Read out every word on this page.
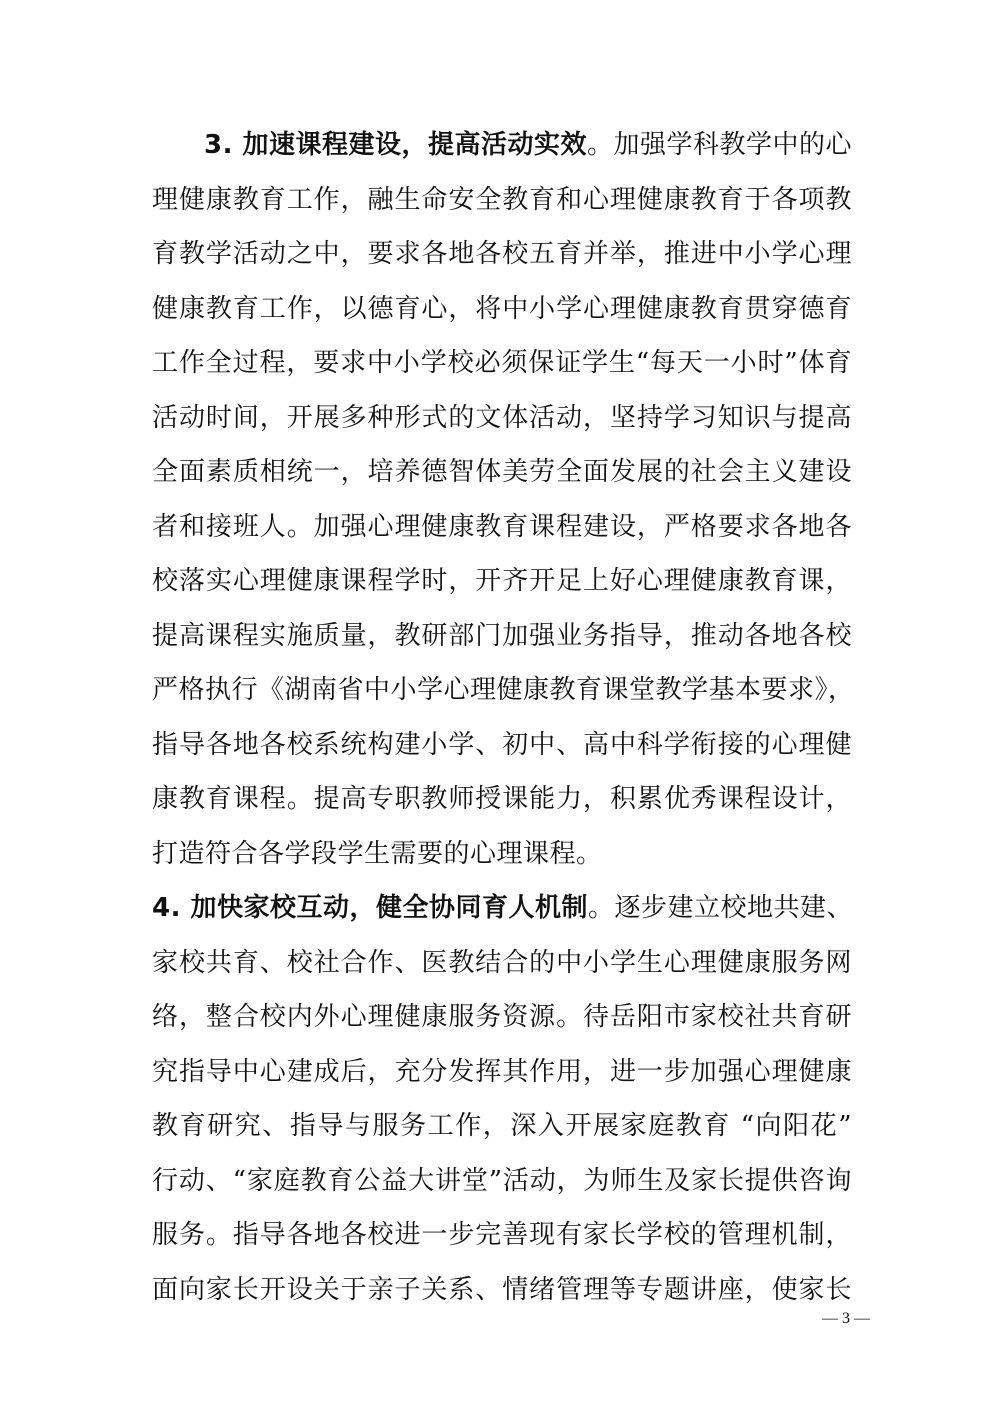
3. 加速课程建设，提高活动实效。加强学科教学中的心
理健康教育工作，融生命安全教育和心理健康教育于各项教
育教学活动之中，要求各地各校五育并举，推进中小学心理
健康教育工作，以德育心，将中小学心理健康教育贯穿德育
工作全过程，要求中小学校必须保证学生“每天一小时”体育
活动时间，开展多种形式的文体活动，坚持学习知识与提高
全面素质相统一，培养德智体美劳全面发展的社会主义建设
者和接班人。加强心理健康教育课程建设，严格要求各地各
校落实心理健康课程学时，开齐开足上好心理健康教育课，
提高课程实施质量，教研部门加强业务指导，推动各地各校
严格执行《湖南省中小学心理健康教育课堂教学基本要求》，
指导各地各校系统构建小学、初中、高中科学衔接的心理健
康教育课程。提高专职教师授课能力，积累优秀课程设计，
打造符合各学段学生需要的心理课程。
4. 加快家校互动，健全协同育人机制。逐步建立校地共建、
家校共育、校社合作、医教结合的中小学生心理健康服务网
络，整合校内外心理健康服务资源。待岳阳市家校社共育研
究指导中心建成后，充分发挥其作用，进一步加强心理健康
教育研究、指导与服务工作，深入开展家庭教育 “向阳花”
行动、“家庭教育公益大讲堂”活动，为师生及家长提供咨询
服务。指导各地各校进一步完善现有家长学校的管理机制，
面向家长开设关于亲子关系、情绪管理等专题讲座，使家长
— 3 —
